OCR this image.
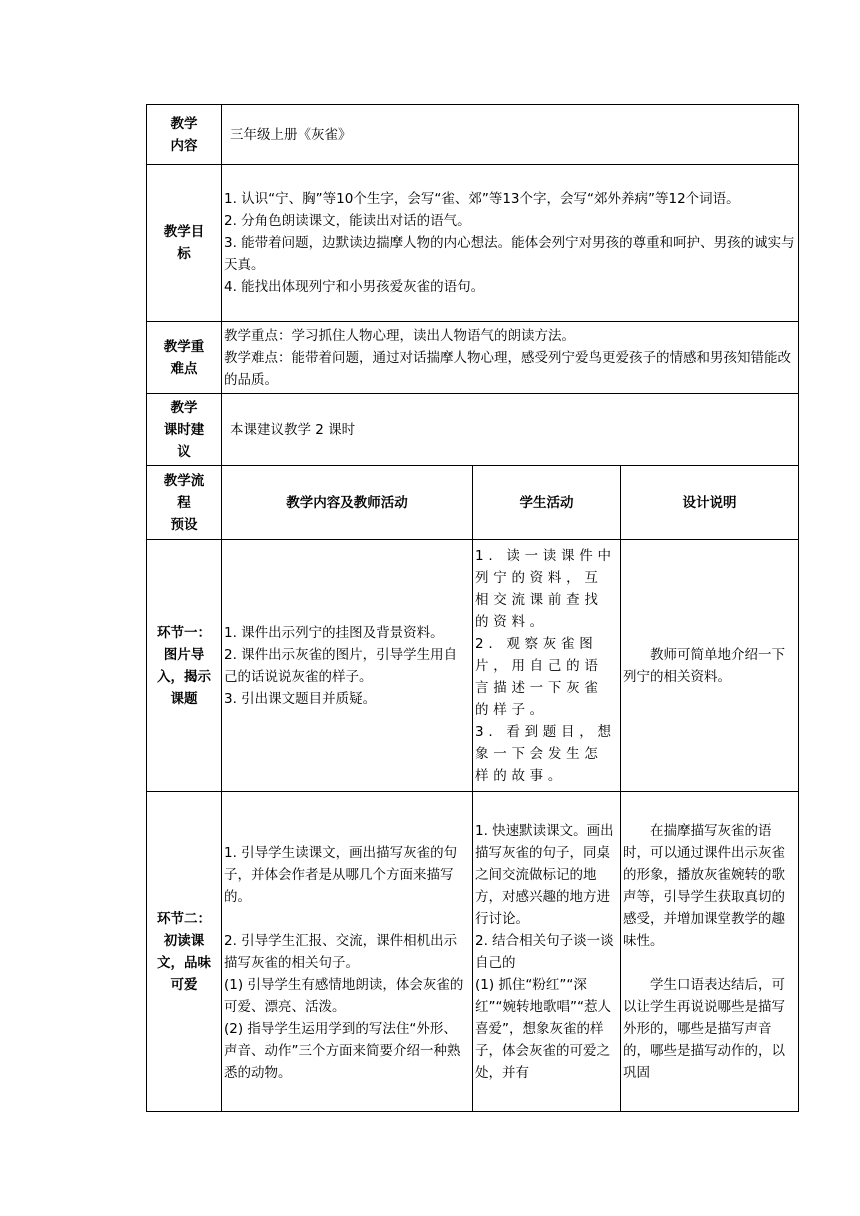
教学
内容	三年级上册《灰雀》		

教学目
标	1. 认识“宁、胸”等10个生字，会写“雀、郊”等13个字，会写“郊外养病”等12个词语。
2. 分角色朗读课文，能读出对话的语气。
3. 能带着问题，边默读边揣摩人物的内心想法。能体会列宁对男孩的尊重和呵护、男孩的诚实与天真。
4. 能找出体现列宁和小男孩爱灰雀的语句。		

教学重
难点	教学重点：学习抓住人物心理，读出人物语气的朗读方法。
教学难点：能带着问题，通过对话揣摩人物心理，感受列宁爱鸟更爱孩子的情感和男孩知错能改的品质。		

教学
课时建
议	本课建议教学 2 课时		

教学流
程
预设	教学内容及教师活动	学生活动	设计说明

环节一：
图片导
入，揭示
课题	1. 课件出示列宁的挂图及背景资料。
2. 课件出示灰雀的图片，引导学生用自己的话说说灰雀的样子。
3. 引出课文题目并质疑。	1. 读一读课件中列宁的资料，互相交流课前查找的资料。
2. 观察灰雀图片，用自己的语言描述一下灰雀的样子。
3. 看到题目，想象一下会发生怎样的故事。	教师可简单地介绍一下列宁的相关资料。

环节二：
初读课
文，品味
可爱	1. 引导学生读课文，画出描写灰雀的句子，并体会作者是从哪几个方面来描写的。
2. 引导学生汇报、交流，课件相机出示描写灰雀的相关句子。
(1) 引导学生有感情地朗读，体会灰雀的可爱、漂亮、活泼。
(2) 指导学生运用学到的写法住“外形、声音、动作”三个方面来简要介绍一种熟悉的动物。	1. 快速默读课文。画出描写灰雀的句子，同桌之间交流做标记的地方，对感兴趣的地方进行讨论。
2. 结合相关句子谈一谈自己的
(1) 抓住“粉红”“深红”“婉转地歌唱”“惹人喜爱”，想象灰雀的样子，体会灰雀的可爱之处，并有	在揣摩描写灰雀的语时，可以通过课件出示灰雀的形象，播放灰雀婉转的歌声等，引导学生获取真切的感受，并增加课堂教学的趣味性。
学生口语表达结后，可以让学生再说说哪些是描写外形的，哪些是描写声音的，哪些是描写动作的，以巩固
